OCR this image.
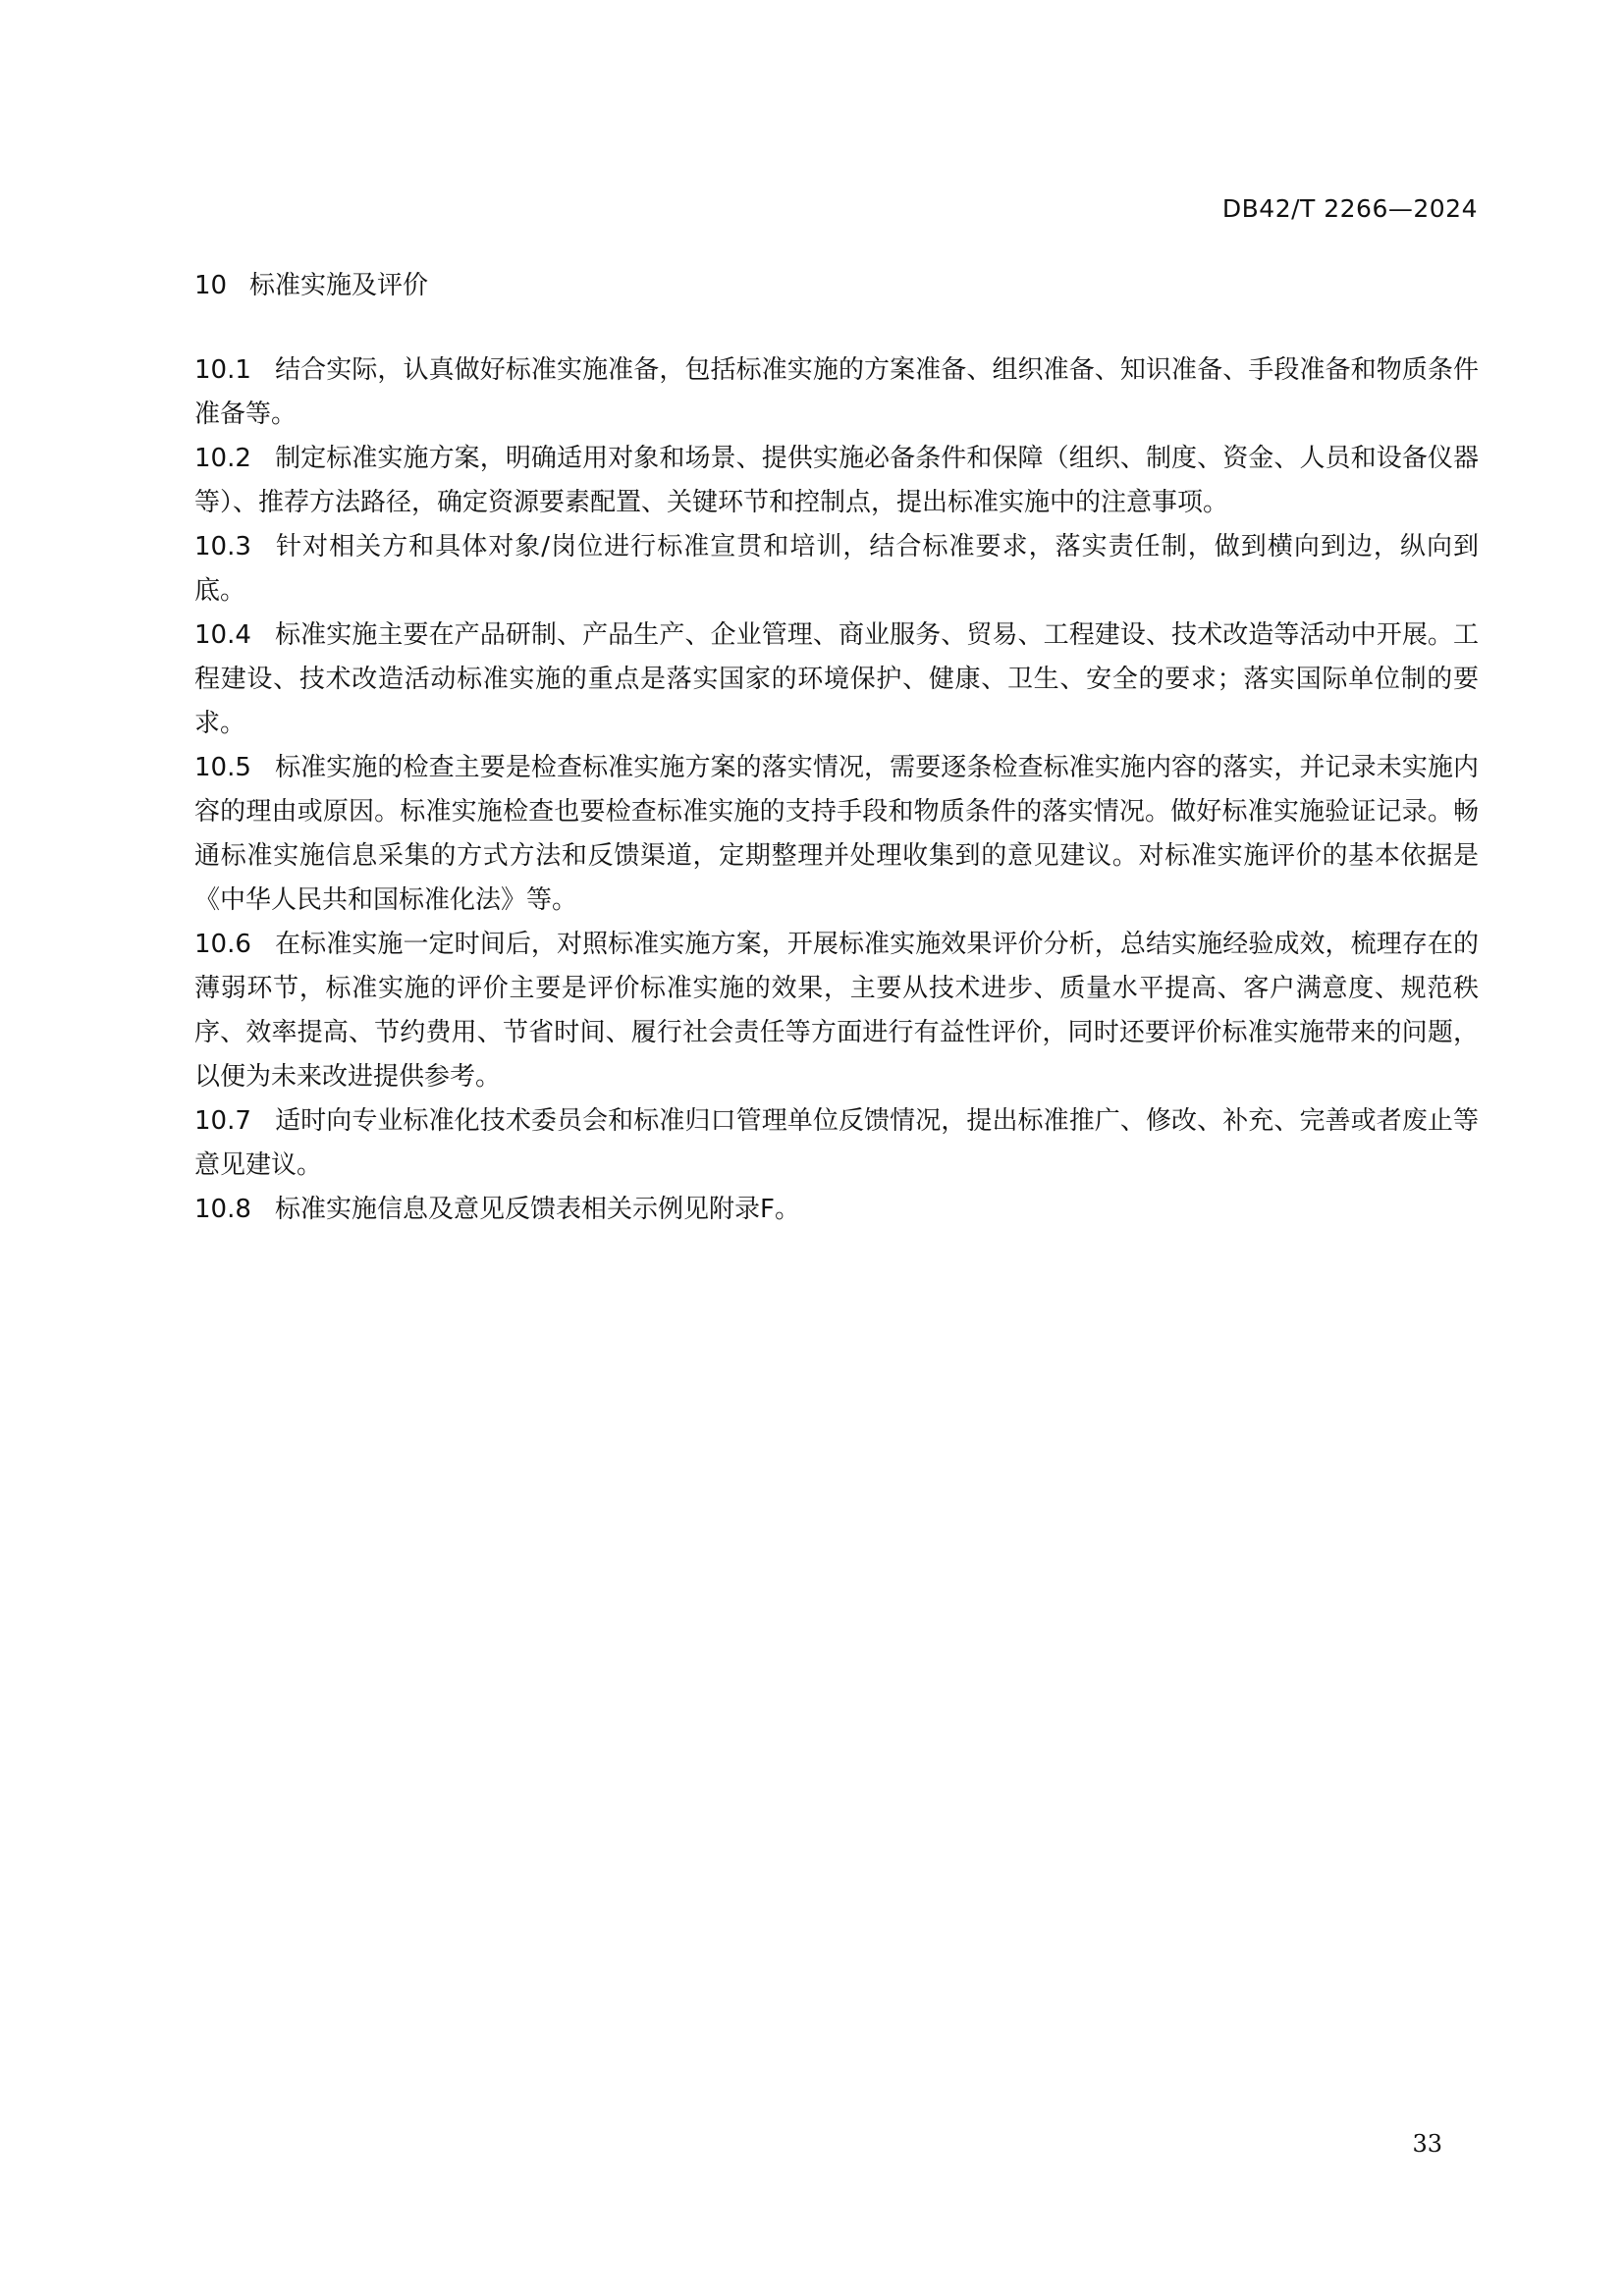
DB42/T 2266—2024
10 标准实施及评价

10.1 结合实际，认真做好标准实施准备，包括标准实施的方案准备、组织准备、知识准备、手段准备和物质条件准备等。

10.2 制定标准实施方案，明确适用对象和场景、提供实施必备条件和保障（组织、制度、资金、人员和设备仪器等）、推荐方法路径，确定资源要素配置、关键环节和控制点，提出标准实施中的注意事项。

10.3 针对相关方和具体对象/岗位进行标准宣贯和培训，结合标准要求，落实责任制，做到横向到边，纵向到底。

10.4 标准实施主要在产品研制、产品生产、企业管理、商业服务、贸易、工程建设、技术改造等活动中开展。工程建设、技术改造活动标准实施的重点是落实国家的环境保护、健康、卫生、安全的要求；落实国际单位制的要求。

10.5 标准实施的检查主要是检查标准实施方案的落实情况，需要逐条检查标准实施内容的落实，并记录未实施内容的理由或原因。标准实施检查也要检查标准实施的支持手段和物质条件的落实情况。做好标准实施验证记录。畅通标准实施信息采集的方式方法和反馈渠道，定期整理并处理收集到的意见建议。对标准实施评价的基本依据是《中华人民共和国标准化法》等。

10.6 在标准实施一定时间后，对照标准实施方案，开展标准实施效果评价分析，总结实施经验成效，梳理存在的薄弱环节，标准实施的评价主要是评价标准实施的效果，主要从技术进步、质量水平提高、客户满意度、规范秩序、效率提高、节约费用、节省时间、履行社会责任等方面进行有益性评价，同时还要评价标准实施带来的问题，以便为未来改进提供参考。

10.7 适时向专业标准化技术委员会和标准归口管理单位反馈情况，提出标准推广、修改、补充、完善或者废止等意见建议。

10.8 标准实施信息及意见反馈表相关示例见附录F。

33
